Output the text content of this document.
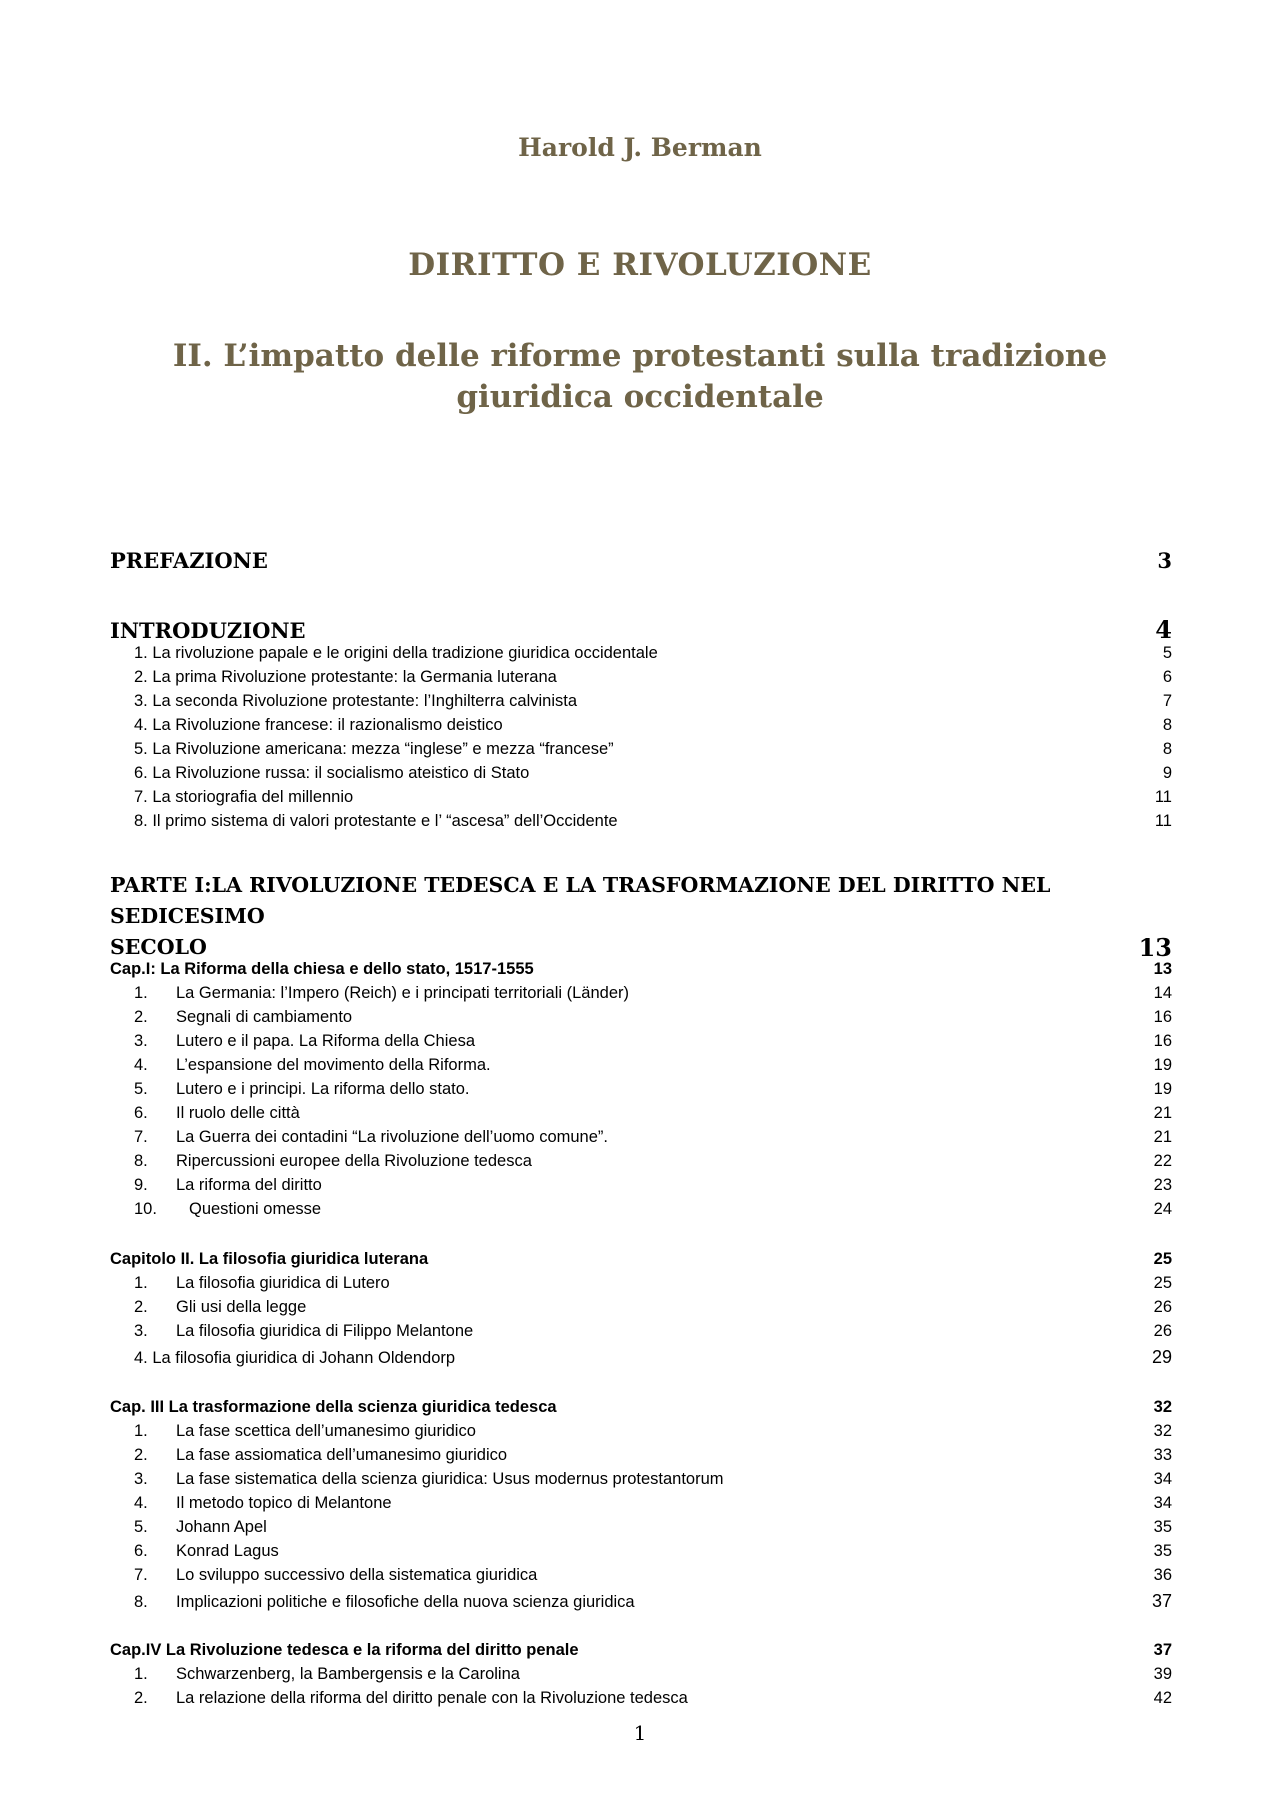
Harold J. Berman
DIRITTO E RIVOLUZIONE
II. L’impatto delle riforme protestanti sulla tradizione giuridica occidentale
PREFAZIONE	3
INTRODUZIONE	4
1. La rivoluzione papale e le origini della tradizione giuridica occidentale	5
2. La prima Rivoluzione protestante: la Germania luterana	6
3. La seconda Rivoluzione protestante: l’Inghilterra calvinista	7
4. La Rivoluzione francese: il razionalismo deistico	8
5. La Rivoluzione americana: mezza “inglese” e mezza “francese”	8
6. La Rivoluzione russa: il socialismo ateistico di Stato	9
7. La storiografia del millennio	11
8. Il primo sistema di valori protestante e l’ “ascesa” dell’Occidente	11
PARTE I:LA RIVOLUZIONE TEDESCA E LA TRASFORMAZIONE DEL DIRITTO NEL SEDICESIMO
SECOLO	13
Cap.I: La Riforma della chiesa e dello stato, 1517-1555	13
1. La Germania: l’Impero (Reich) e i principati territoriali (Länder)	14
2. Segnali di cambiamento	16
3. Lutero e il papa. La Riforma della Chiesa	16
4. L’espansione del movimento della Riforma.	19
5. Lutero e i principi. La riforma dello stato.	19
6. Il ruolo delle città	21
7. La Guerra dei contadini “La rivoluzione dell’uomo comune”.	21
8. Ripercussioni europee della Rivoluzione tedesca	22
9. La riforma del diritto	23
10. Questioni omesse	24
Capitolo II. La filosofia giuridica luterana	25
1. La filosofia giuridica di Lutero	25
2. Gli usi della legge	26
3. La filosofia giuridica di Filippo Melantone	26
4. La filosofia giuridica di Johann Oldendorp	29
Cap. III La trasformazione della scienza giuridica tedesca	32
1. La fase scettica dell’umanesimo giuridico	32
2. La fase assiomatica dell’umanesimo giuridico	33
3. La fase sistematica della scienza giuridica: Usus modernus protestantorum	34
4. Il metodo topico di Melantone	34
5. Johann Apel	35
6. Konrad Lagus	35
7. Lo sviluppo successivo della sistematica giuridica	36
8. Implicazioni politiche e filosofiche della nuova scienza giuridica	37
Cap.IV La Rivoluzione tedesca e la riforma del diritto penale	37
1. Schwarzenberg, la Bambergensis e la Carolina	39
2. La relazione della riforma del diritto penale con la Rivoluzione tedesca	42
1
